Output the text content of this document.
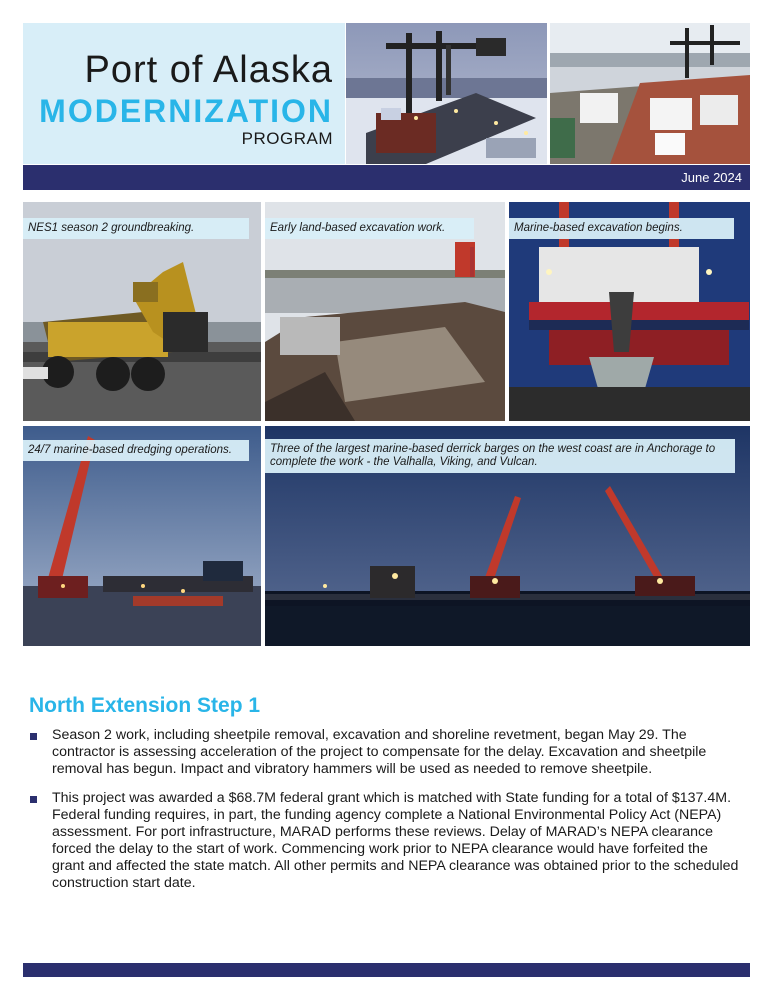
Port of Alaska
MODERNIZATION
PROGRAM
June 2024
NES1 season 2 groundbreaking.	Early land-based excavation work.	Marine-based excavation begins.
24/7 marine-based dredging operations.	Three of the largest marine-based derrick barges on the west coast are in Anchorage to complete the work - the Valhalla, Viking, and Vulcan.
North Extension Step 1
Season 2 work, including sheetpile removal, excavation and shoreline revetment, began May 29. The contractor is assessing acceleration of the project to compensate for the delay. Excavation and sheetpile removal has begun. Impact and vibratory hammers will be used as needed to remove sheetpile.
This project was awarded a $68.7M federal grant which is matched with State funding for a total of $137.4M. Federal funding requires, in part, the funding agency complete a National Environmental Policy Act (NEPA) assessment. For port infrastructure, MARAD performs these reviews. Delay of MARAD’s NEPA clearance forced the delay to the start of work. Commencing work prior to NEPA clearance would have forfeited the grant and affected the state match. All other permits and NEPA clearance was obtained prior to the scheduled construction start date.
